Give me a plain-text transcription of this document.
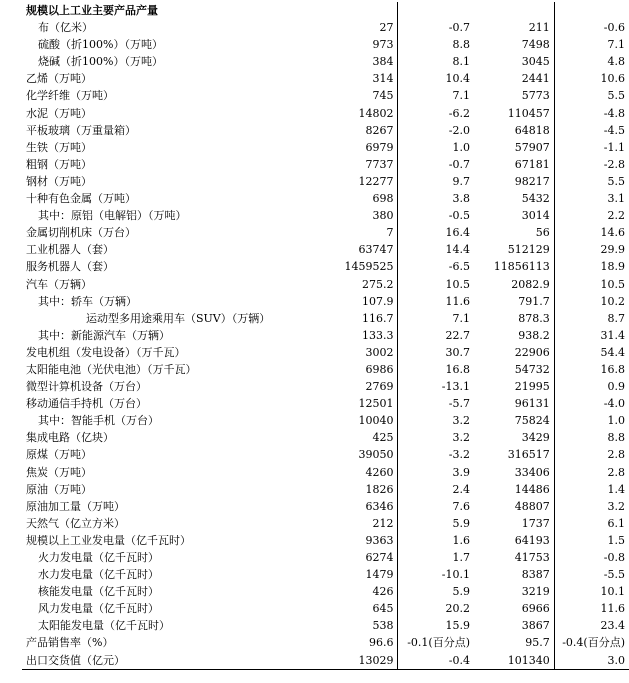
规模以上工业主要产品产量				
布（亿米）	27	-0.7	211	-0.6
硫酸（折100%）（万吨）	973	8.8	7498	7.1
烧碱（折100%）（万吨）	384	8.1	3045	4.8
乙烯（万吨）	314	10.4	2441	10.6
化学纤维（万吨）	745	7.1	5773	5.5
水泥（万吨）	14802	-6.2	110457	-4.8
平板玻璃（万重量箱）	8267	-2.0	64818	-4.5
生铁（万吨）	6979	1.0	57907	-1.1
粗钢（万吨）	7737	-0.7	67181	-2.8
钢材（万吨）	12277	9.7	98217	5.5
十种有色金属（万吨）	698	3.8	5432	3.1
其中：原铝（电解铝）（万吨）	380	-0.5	3014	2.2
金属切削机床（万台）	7	16.4	56	14.6
工业机器人（套）	63747	14.4	512129	29.9
服务机器人（套）	1459525	-6.5	11856113	18.9
汽车（万辆）	275.2	10.5	2082.9	10.5
其中：轿车（万辆）	107.9	11.6	791.7	10.2
运动型多用途乘用车（SUV）（万辆）	116.7	7.1	878.3	8.7
其中：新能源汽车（万辆）	133.3	22.7	938.2	31.4
发电机组（发电设备）（万千瓦）	3002	30.7	22906	54.4
太阳能电池（光伏电池）（万千瓦）	6986	16.8	54732	16.8
微型计算机设备（万台）	2769	-13.1	21995	0.9
移动通信手持机（万台）	12501	-5.7	96131	-4.0
其中：智能手机（万台）	10040	3.2	75824	1.0
集成电路（亿块）	425	3.2	3429	8.8
原煤（万吨）	39050	-3.2	316517	2.8
焦炭（万吨）	4260	3.9	33406	2.8
原油（万吨）	1826	2.4	14486	1.4
原油加工量（万吨）	6346	7.6	48807	3.2
天然气（亿立方米）	212	5.9	1737	6.1
规模以上工业发电量（亿千瓦时）	9363	1.6	64193	1.5
火力发电量（亿千瓦时）	6274	1.7	41753	-0.8
水力发电量（亿千瓦时）	1479	-10.1	8387	-5.5
核能发电量（亿千瓦时）	426	5.9	3219	10.1
风力发电量（亿千瓦时）	645	20.2	6966	11.6
太阳能发电量（亿千瓦时）	538	15.9	3867	23.4
产品销售率（%）	96.6	-0.1(百分点)	95.7	-0.4(百分点)
出口交货值（亿元）	13029	-0.4	101340	3.0
